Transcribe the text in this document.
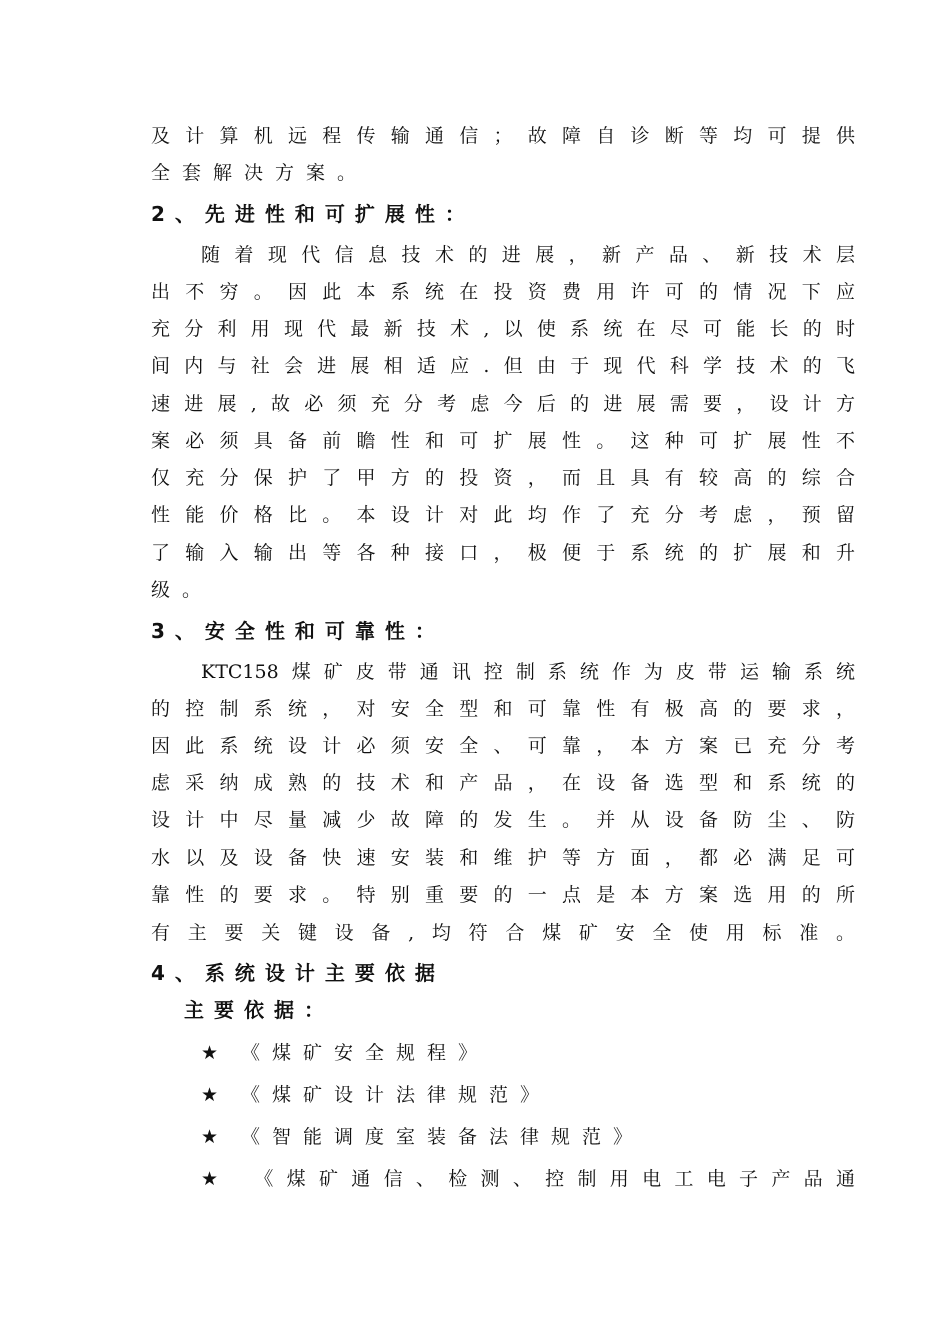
及计算机远程传输通信；故障自诊断等均可提供
全套解决方案。
2、先进性和可扩展性：
随着现代信息技术的进展，新产品、新技术层
出不穷。因此本系统在投资费用许可的情况下应
充分利用现代最新技术,以使系统在尽可能长的时
间内与社会进展相适应.但由于现代科学技术的飞
速进展,故必须充分考虑今后的进展需要，设计方
案必须具备前瞻性和可扩展性。这种可扩展性不
仅充分保护了甲方的投资，而且具有较高的综合
性能价格比。本设计对此均作了充分考虑，预留
了输入输出等各种接口，极便于系统的扩展和升
级。
3、安全性和可靠性：
KTC158煤矿皮带通讯控制系统作为皮带运输系统
的控制系统，对安全型和可靠性有极高的要求，
因此系统设计必须安全、可靠，本方案已充分考
虑采纳成熟的技术和产品，在设备选型和系统的
设计中尽量减少故障的发生。并从设备防尘、防
水以及设备快速安装和维护等方面，都必满足可
靠性的要求。特别重要的一点是本方案选用的所
有主要关键设备,均符合煤矿安全使用标准。
4、系统设计主要依据
主要依据：
★ 《煤矿安全规程》
★ 《煤矿设计法律规范》
★ 《智能调度室装备法律规范》
★ 《煤矿通信、检测、控制用电工电子产品通
